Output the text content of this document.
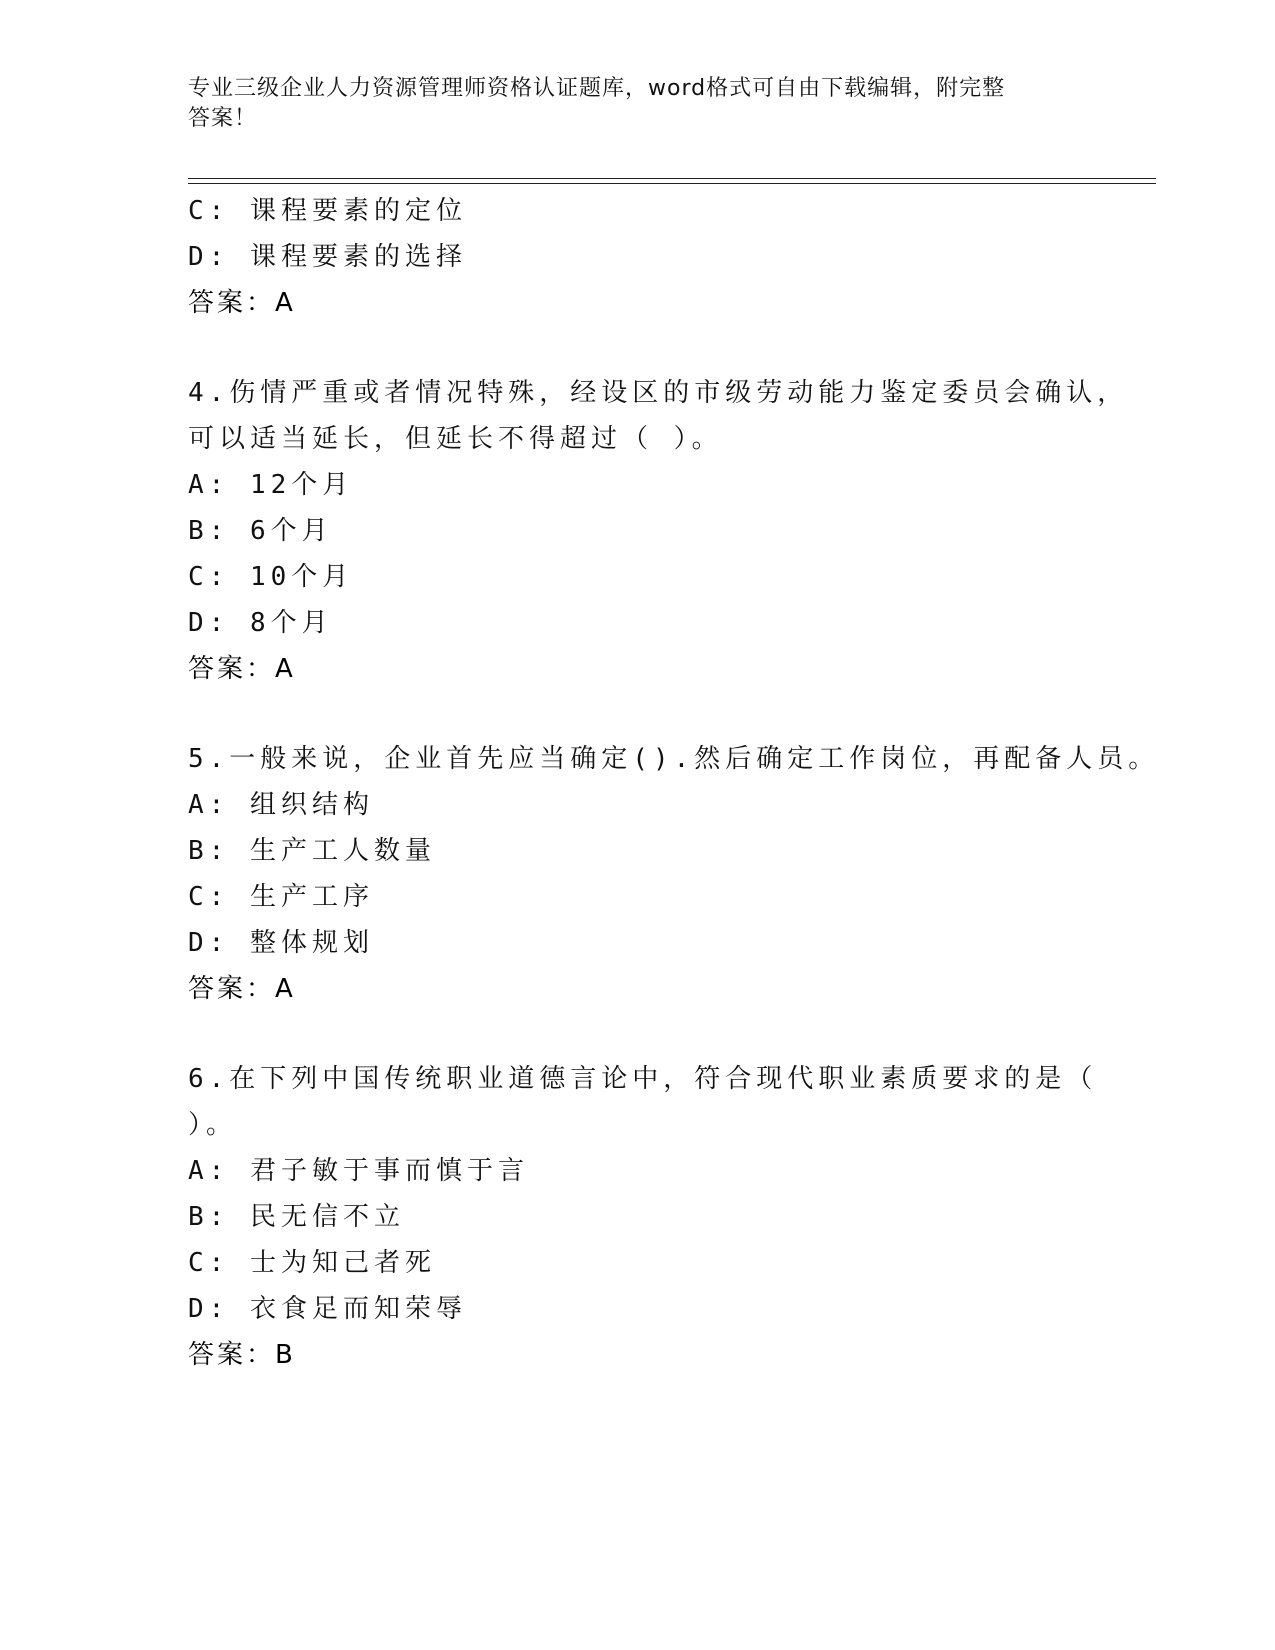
专业三级企业人力资源管理师资格认证题库，word格式可自由下载编辑，附完整
答案！
C: 课程要素的定位
D: 课程要素的选择
答案：A
4.伤情严重或者情况特殊，经设区的市级劳动能力鉴定委员会确认，
可以适当延长，但延长不得超过（ ）。
A: 12个月
B: 6个月
C: 10个月
D: 8个月
答案：A
5.一般来说，企业首先应当确定().然后确定工作岗位，再配备人员。
A: 组织结构
B: 生产工人数量
C: 生产工序
D: 整体规划
答案：A
6.在下列中国传统职业道德言论中，符合现代职业素质要求的是（
）。
A: 君子敏于事而慎于言
B: 民无信不立
C: 士为知己者死
D: 衣食足而知荣辱
答案：B
